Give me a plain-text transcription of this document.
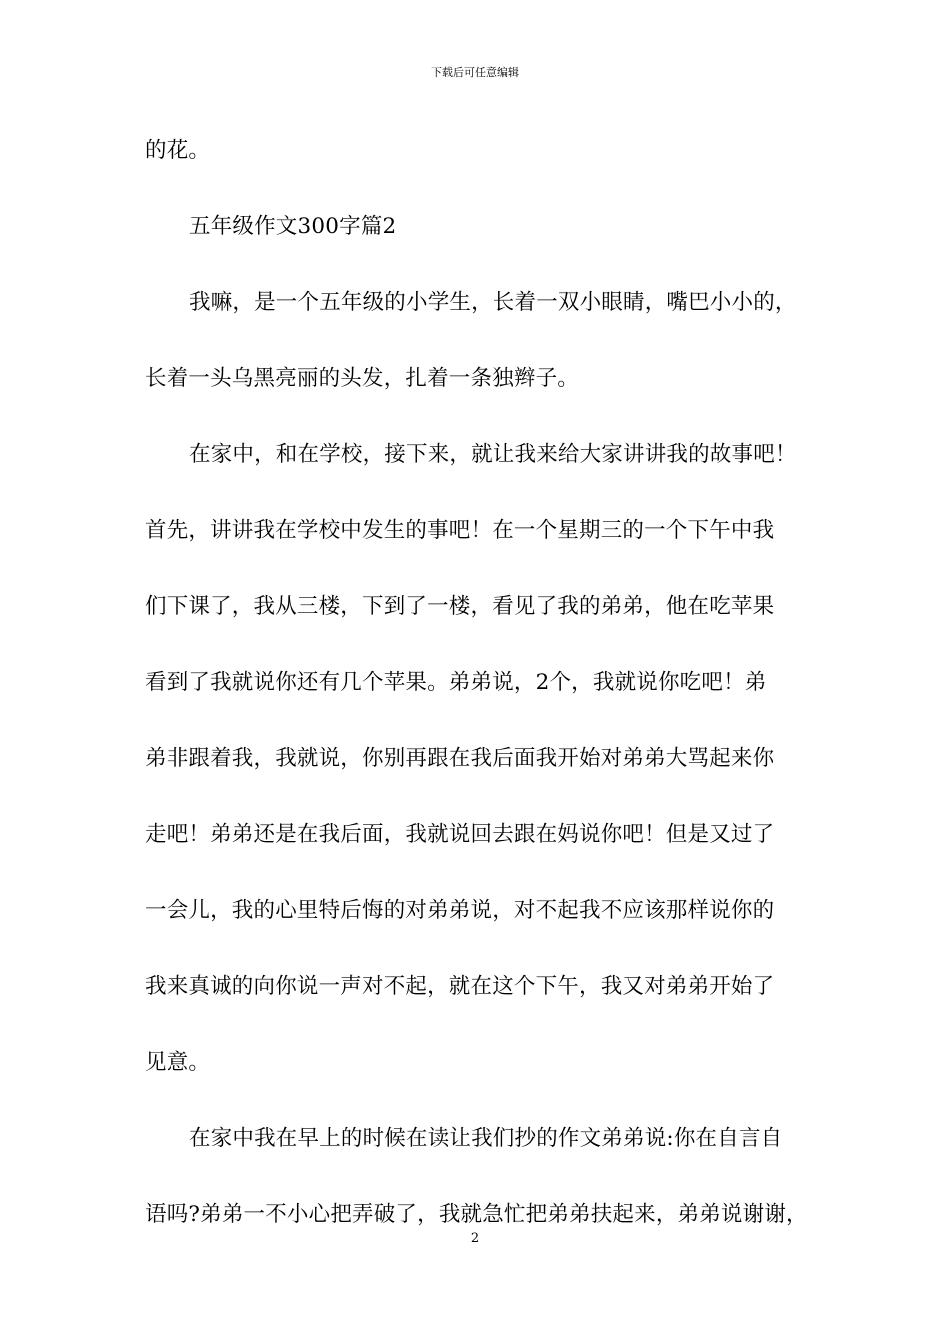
下载后可任意编辑
的花。
五年级作文300字篇2
我嘛，是一个五年级的小学生，长着一双小眼睛，嘴巴小小的，
长着一头乌黑亮丽的头发，扎着一条独辫子。
在家中，和在学校，接下来，就让我来给大家讲讲我的故事吧！
首先，讲讲我在学校中发生的事吧！在一个星期三的一个下午中我
们下课了，我从三楼，下到了一楼，看见了我的弟弟，他在吃苹果
看到了我就说你还有几个苹果。弟弟说，2个，我就说你吃吧！弟
弟非跟着我，我就说，你别再跟在我后面我开始对弟弟大骂起来你
走吧！弟弟还是在我后面，我就说回去跟在妈说你吧！但是又过了
一会儿，我的心里特后悔的对弟弟说，对不起我不应该那样说你的
我来真诚的向你说一声对不起，就在这个下午，我又对弟弟开始了
见意。
在家中我在早上的时候在读让我们抄的作文弟弟说:你在自言自
语吗?弟弟一不小心把弄破了，我就急忙把弟弟扶起来，弟弟说谢谢，
2
